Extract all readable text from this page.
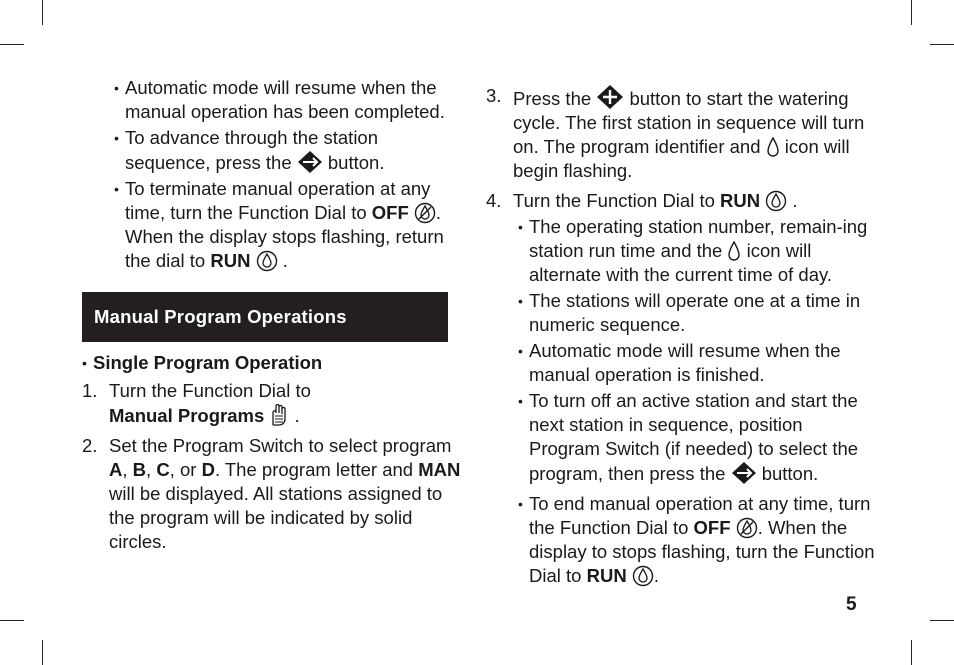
• Automatic mode will resume when the manual operation has been completed.
• To advance through the station sequence, press the button.
• To terminate manual operation at any time, turn the Function Dial to OFF . When the display stops flashing, return the dial to RUN .
Manual Program Operations
• Single Program Operation
1. Turn the Function Dial to
Manual Programs .
2. Set the Program Switch to select program A, B, C, or D. The program letter and MAN will be displayed. All stations assigned to the program will be indicated by solid circles.
3. Press the button to start the watering cycle. The first station in sequence will turn on. The program identifier and icon will begin flashing.
4. Turn the Function Dial to RUN .
• The operating station number, remain-ing station run time and the icon will alternate with the current time of day.
• The stations will operate one at a time in numeric sequence.
• Automatic mode will resume when the manual operation is finished.
• To turn off an active station and start the next station in sequence, position Program Switch (if needed) to select the program, then press the button.
• To end manual operation at any time, turn the Function Dial to OFF . When the display to stops flashing, turn the Function Dial to RUN .
5
